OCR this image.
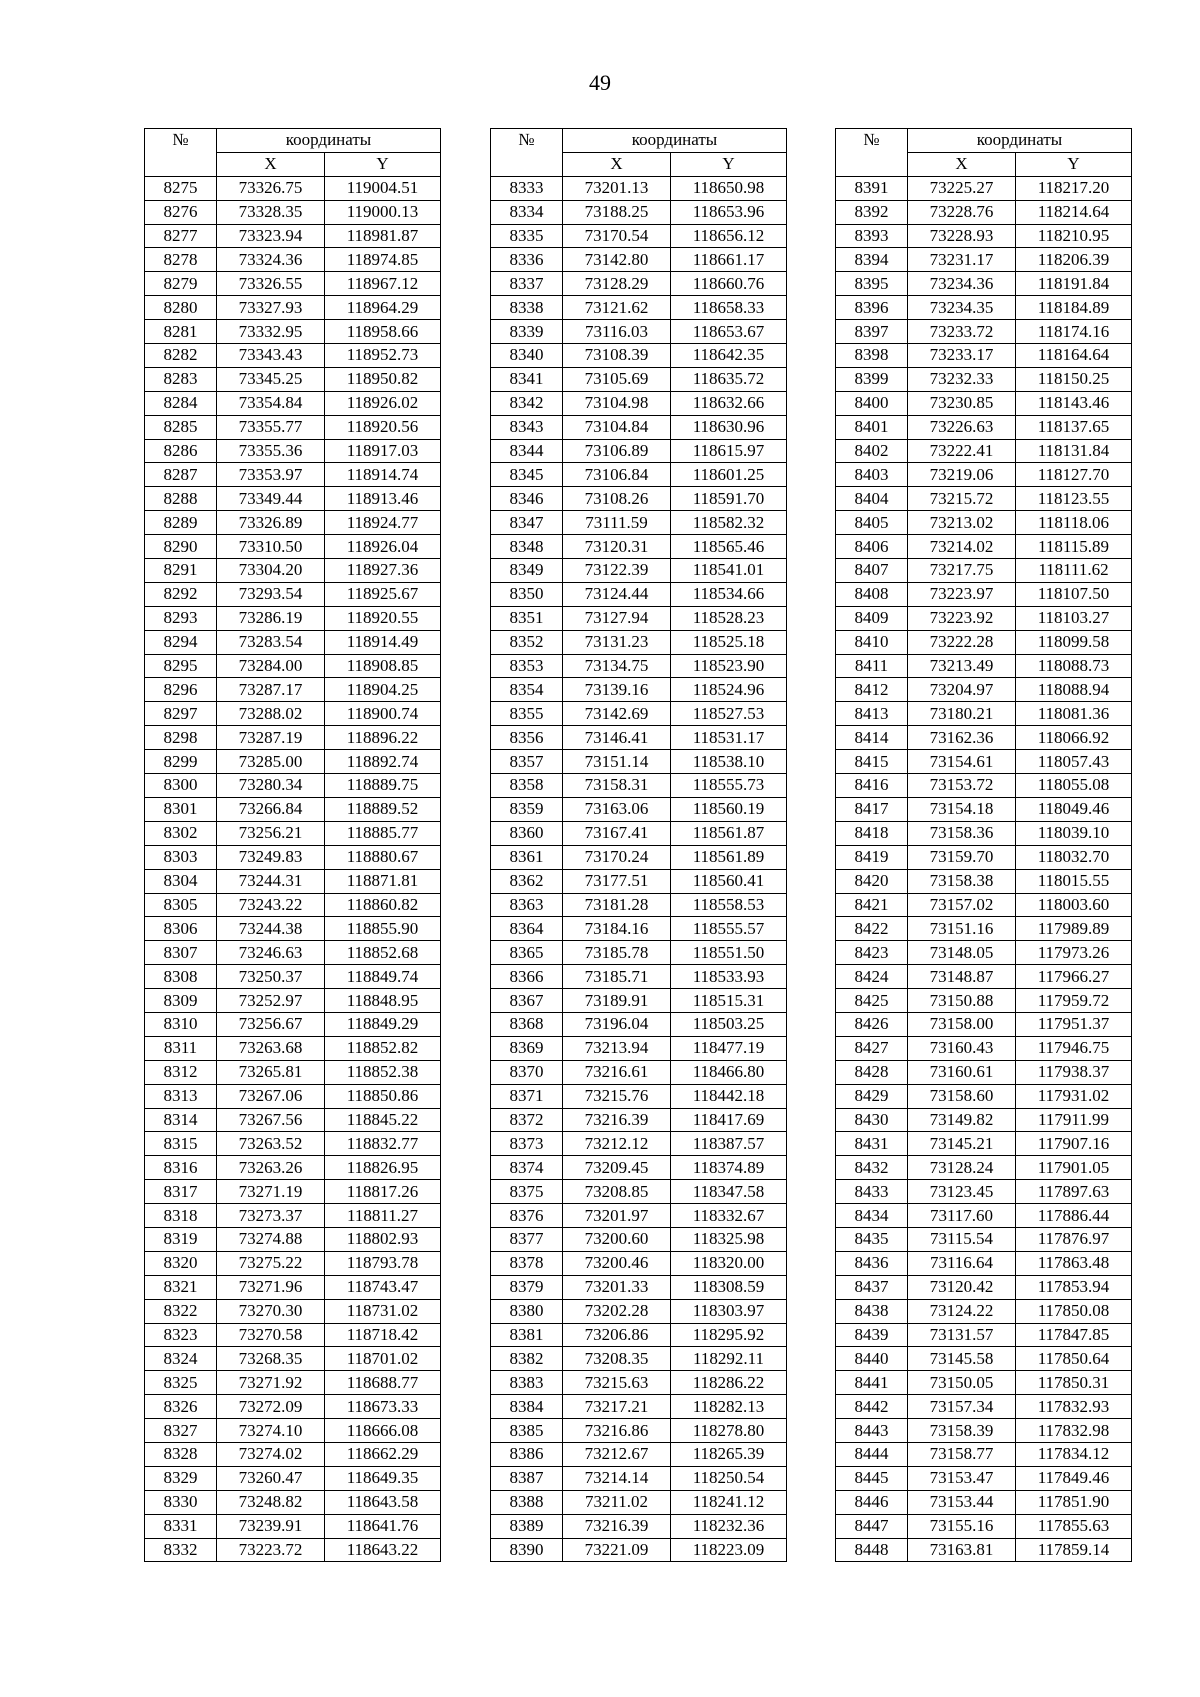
49
№	координаты	
	X	Y
8275	73326.75	119004.51
8276	73328.35	119000.13
8277	73323.94	118981.87
8278	73324.36	118974.85
8279	73326.55	118967.12
8280	73327.93	118964.29
8281	73332.95	118958.66
8282	73343.43	118952.73
8283	73345.25	118950.82
8284	73354.84	118926.02
8285	73355.77	118920.56
8286	73355.36	118917.03
8287	73353.97	118914.74
8288	73349.44	118913.46
8289	73326.89	118924.77
8290	73310.50	118926.04
8291	73304.20	118927.36
8292	73293.54	118925.67
8293	73286.19	118920.55
8294	73283.54	118914.49
8295	73284.00	118908.85
8296	73287.17	118904.25
8297	73288.02	118900.74
8298	73287.19	118896.22
8299	73285.00	118892.74
8300	73280.34	118889.75
8301	73266.84	118889.52
8302	73256.21	118885.77
8303	73249.83	118880.67
8304	73244.31	118871.81
8305	73243.22	118860.82
8306	73244.38	118855.90
8307	73246.63	118852.68
8308	73250.37	118849.74
8309	73252.97	118848.95
8310	73256.67	118849.29
8311	73263.68	118852.82
8312	73265.81	118852.38
8313	73267.06	118850.86
8314	73267.56	118845.22
8315	73263.52	118832.77
8316	73263.26	118826.95
8317	73271.19	118817.26
8318	73273.37	118811.27
8319	73274.88	118802.93
8320	73275.22	118793.78
8321	73271.96	118743.47
8322	73270.30	118731.02
8323	73270.58	118718.42
8324	73268.35	118701.02
8325	73271.92	118688.77
8326	73272.09	118673.33
8327	73274.10	118666.08
8328	73274.02	118662.29
8329	73260.47	118649.35
8330	73248.82	118643.58
8331	73239.91	118641.76
8332	73223.72	118643.22
№	координаты	
	X	Y
8333	73201.13	118650.98
8334	73188.25	118653.96
8335	73170.54	118656.12
8336	73142.80	118661.17
8337	73128.29	118660.76
8338	73121.62	118658.33
8339	73116.03	118653.67
8340	73108.39	118642.35
8341	73105.69	118635.72
8342	73104.98	118632.66
8343	73104.84	118630.96
8344	73106.89	118615.97
8345	73106.84	118601.25
8346	73108.26	118591.70
8347	73111.59	118582.32
8348	73120.31	118565.46
8349	73122.39	118541.01
8350	73124.44	118534.66
8351	73127.94	118528.23
8352	73131.23	118525.18
8353	73134.75	118523.90
8354	73139.16	118524.96
8355	73142.69	118527.53
8356	73146.41	118531.17
8357	73151.14	118538.10
8358	73158.31	118555.73
8359	73163.06	118560.19
8360	73167.41	118561.87
8361	73170.24	118561.89
8362	73177.51	118560.41
8363	73181.28	118558.53
8364	73184.16	118555.57
8365	73185.78	118551.50
8366	73185.71	118533.93
8367	73189.91	118515.31
8368	73196.04	118503.25
8369	73213.94	118477.19
8370	73216.61	118466.80
8371	73215.76	118442.18
8372	73216.39	118417.69
8373	73212.12	118387.57
8374	73209.45	118374.89
8375	73208.85	118347.58
8376	73201.97	118332.67
8377	73200.60	118325.98
8378	73200.46	118320.00
8379	73201.33	118308.59
8380	73202.28	118303.97
8381	73206.86	118295.92
8382	73208.35	118292.11
8383	73215.63	118286.22
8384	73217.21	118282.13
8385	73216.86	118278.80
8386	73212.67	118265.39
8387	73214.14	118250.54
8388	73211.02	118241.12
8389	73216.39	118232.36
8390	73221.09	118223.09
№	координаты	
	X	Y
8391	73225.27	118217.20
8392	73228.76	118214.64
8393	73228.93	118210.95
8394	73231.17	118206.39
8395	73234.36	118191.84
8396	73234.35	118184.89
8397	73233.72	118174.16
8398	73233.17	118164.64
8399	73232.33	118150.25
8400	73230.85	118143.46
8401	73226.63	118137.65
8402	73222.41	118131.84
8403	73219.06	118127.70
8404	73215.72	118123.55
8405	73213.02	118118.06
8406	73214.02	118115.89
8407	73217.75	118111.62
8408	73223.97	118107.50
8409	73223.92	118103.27
8410	73222.28	118099.58
8411	73213.49	118088.73
8412	73204.97	118088.94
8413	73180.21	118081.36
8414	73162.36	118066.92
8415	73154.61	118057.43
8416	73153.72	118055.08
8417	73154.18	118049.46
8418	73158.36	118039.10
8419	73159.70	118032.70
8420	73158.38	118015.55
8421	73157.02	118003.60
8422	73151.16	117989.89
8423	73148.05	117973.26
8424	73148.87	117966.27
8425	73150.88	117959.72
8426	73158.00	117951.37
8427	73160.43	117946.75
8428	73160.61	117938.37
8429	73158.60	117931.02
8430	73149.82	117911.99
8431	73145.21	117907.16
8432	73128.24	117901.05
8433	73123.45	117897.63
8434	73117.60	117886.44
8435	73115.54	117876.97
8436	73116.64	117863.48
8437	73120.42	117853.94
8438	73124.22	117850.08
8439	73131.57	117847.85
8440	73145.58	117850.64
8441	73150.05	117850.31
8442	73157.34	117832.93
8443	73158.39	117832.98
8444	73158.77	117834.12
8445	73153.47	117849.46
8446	73153.44	117851.90
8447	73155.16	117855.63
8448	73163.81	117859.14
